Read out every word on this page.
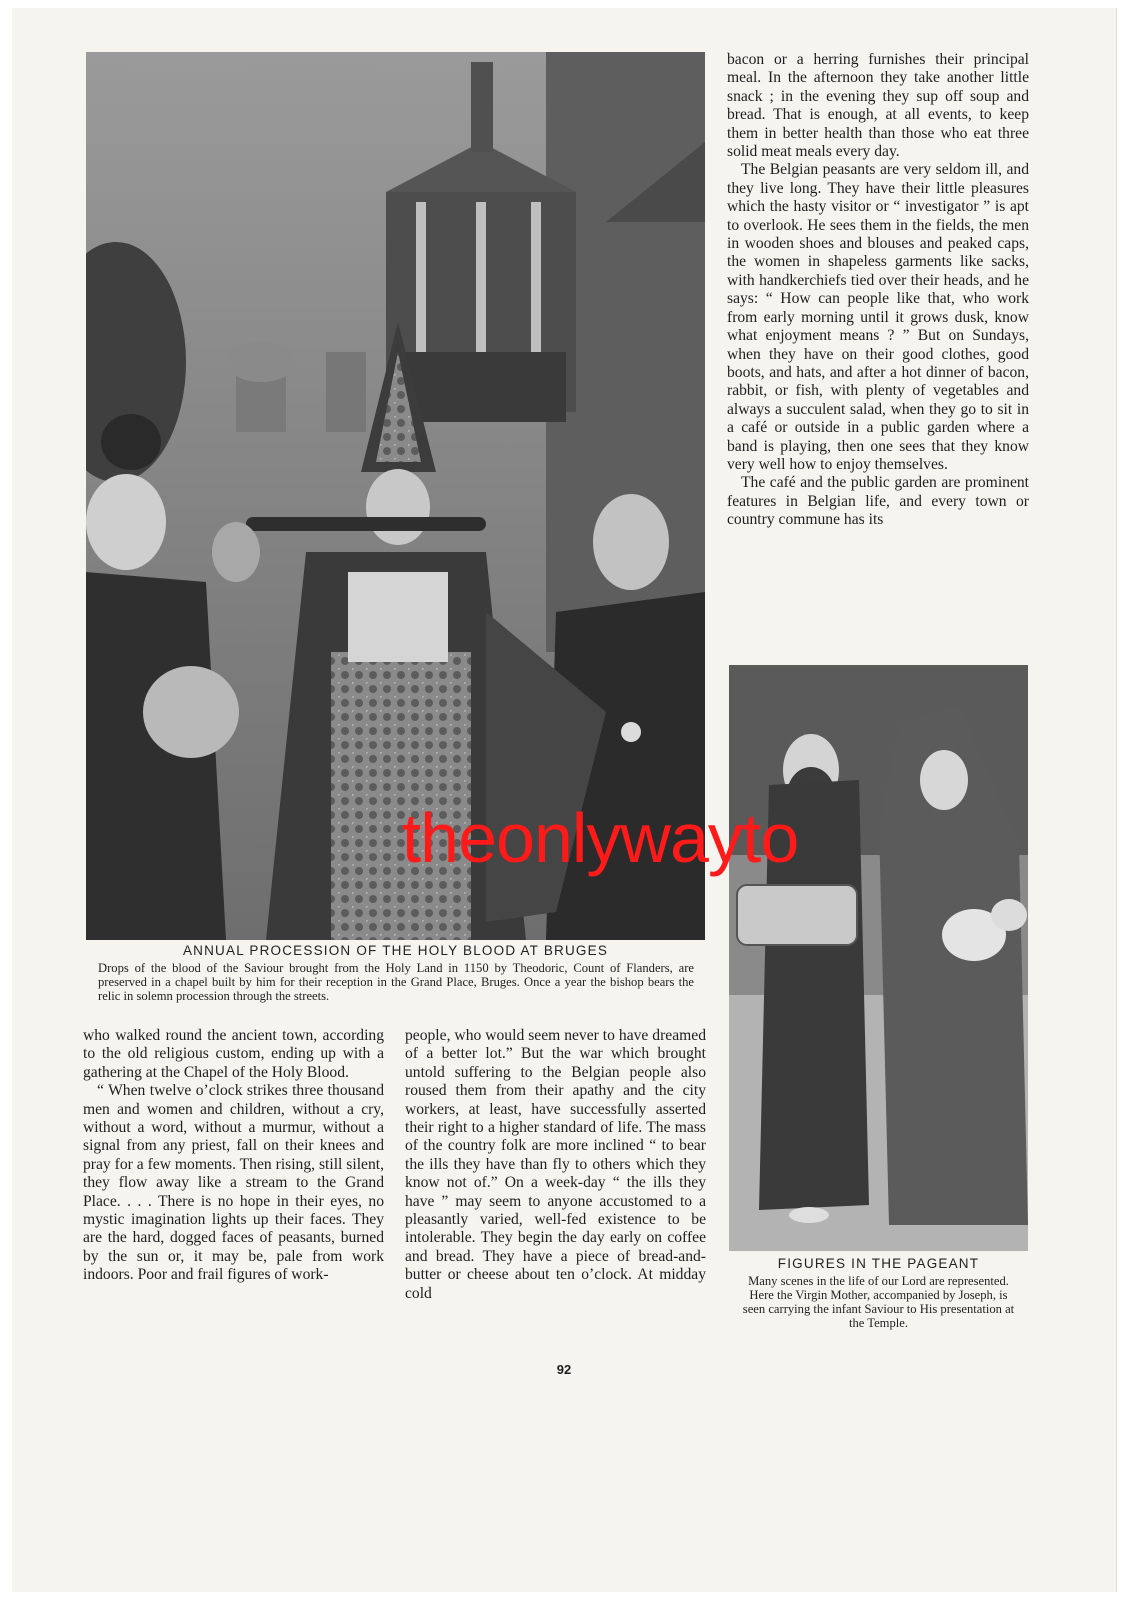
bacon or a herring furnishes their principal meal. In the afternoon they take another little snack ; in the evening they sup off soup and bread. That is enough, at all events, to keep them in better health than those who eat three solid meat meals every day.

The Belgian peasants are very seldom ill, and they live long. They have their little pleasures which the hasty visitor or “ investigator ” is apt to overlook. He sees them in the fields, the men in wooden shoes and blouses and peaked caps, the women in shapeless garments like sacks, with handkerchiefs tied over their heads, and he says: “ How can people like that, who work from early morning until it grows dusk, know what enjoyment means ? ” But on Sundays, when they have on their good clothes, good boots, and hats, and after a hot dinner of bacon, rabbit, or fish, with plenty of vegetables and always a succulent salad, when they go to sit in a café or outside in a public garden where a band is playing, then one sees that they know very well how to enjoy themselves.

The café and the public garden are prominent features in Belgian life, and every town or country commune has its

ANNUAL PROCESSION OF THE HOLY BLOOD AT BRUGES
Drops of the blood of the Saviour brought from the Holy Land in 1150 by Theodoric, Count of Flanders, are preserved in a chapel built by him for their reception in the Grand Place, Bruges. Once a year the bishop bears the relic in solemn procession through the streets.

who walked round the ancient town, according to the old religious custom, ending up with a gathering at the Chapel of the Holy Blood.

“ When twelve o’clock strikes three thousand men and women and children, without a cry, without a word, without a murmur, without a signal from any priest, fall on their knees and pray for a few moments. Then rising, still silent, they flow away like a stream to the Grand Place. . . . There is no hope in their eyes, no mystic imagination lights up their faces. They are the hard, dogged faces of peasants, burned by the sun or, it may be, pale from work indoors. Poor and frail figures of work-

people, who would seem never to have dreamed of a better lot.” But the war which brought untold suffering to the Belgian people also roused them from their apathy and the city workers, at least, have successfully asserted their right to a higher standard of life. The mass of the country folk are more inclined “ to bear the ills they have than fly to others which they know not of.” On a week-day “ the ills they have ” may seem to anyone accustomed to a pleasantly varied, well-fed existence to be intolerable. They begin the day early on coffee and bread. They have a piece of bread-and-butter or cheese about ten o’clock. At midday cold

FIGURES IN THE PAGEANT
Many scenes in the life of our Lord are represented. Here the Virgin Mother, accompanied by Joseph, is seen carrying the infant Saviour to His presentation at the Temple.
92
theonlywayto
